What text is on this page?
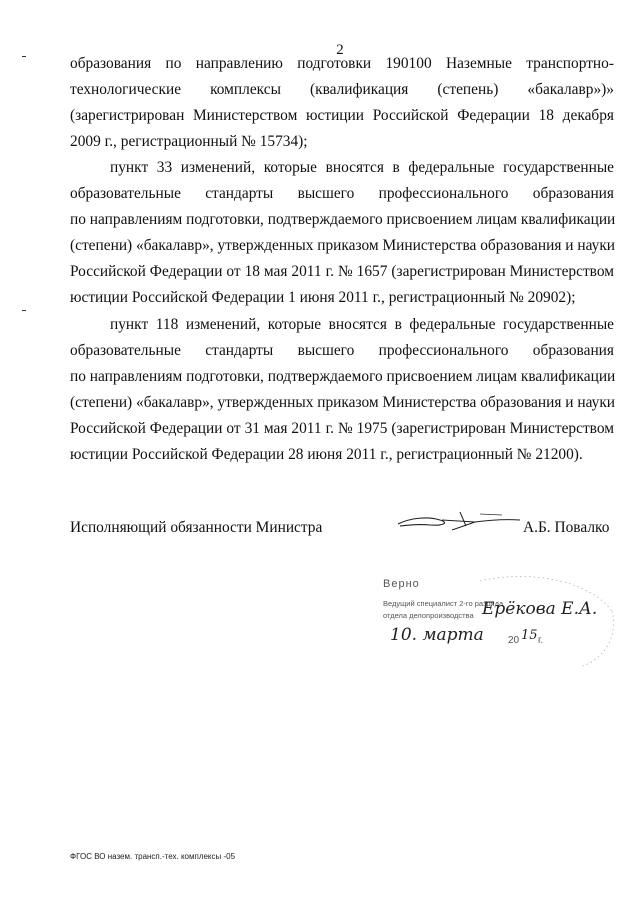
2
образования по направлению подготовки 190100 Наземные транспортно-
технологические комплексы (квалификация (степень) «бакалавр»)»
(зарегистрирован Министерством юстиции Российской Федерации 18 декабря
2009 г., регистрационный № 15734);
пункт 33 изменений, которые вносятся в федеральные государственные
образовательные стандарты высшего профессионального образования
по направлениям подготовки, подтверждаемого присвоением лицам квалификации
(степени) «бакалавр», утвержденных приказом Министерства образования и науки
Российской Федерации от 18 мая 2011 г. № 1657 (зарегистрирован Министерством
юстиции Российской Федерации 1 июня 2011 г., регистрационный № 20902);
пункт 118 изменений, которые вносятся в федеральные государственные
образовательные стандарты высшего профессионального образования
по направлениям подготовки, подтверждаемого присвоением лицам квалификации
(степени) «бакалавр», утвержденных приказом Министерства образования и науки
Российской Федерации от 31 мая 2011 г. № 1975 (зарегистрирован Министерством
юстиции Российской Федерации 28 июня 2011 г., регистрационный № 21200).
Исполняющий обязанности Министра	А.Б. Повалко
Верно
Ведущий специалист 2-го разряда
отдела делопроизводства Ерёкова Е.А.
10. марта 20 15 г.
ФГОС ВО назем. трансп.-тех. комплексы -05
